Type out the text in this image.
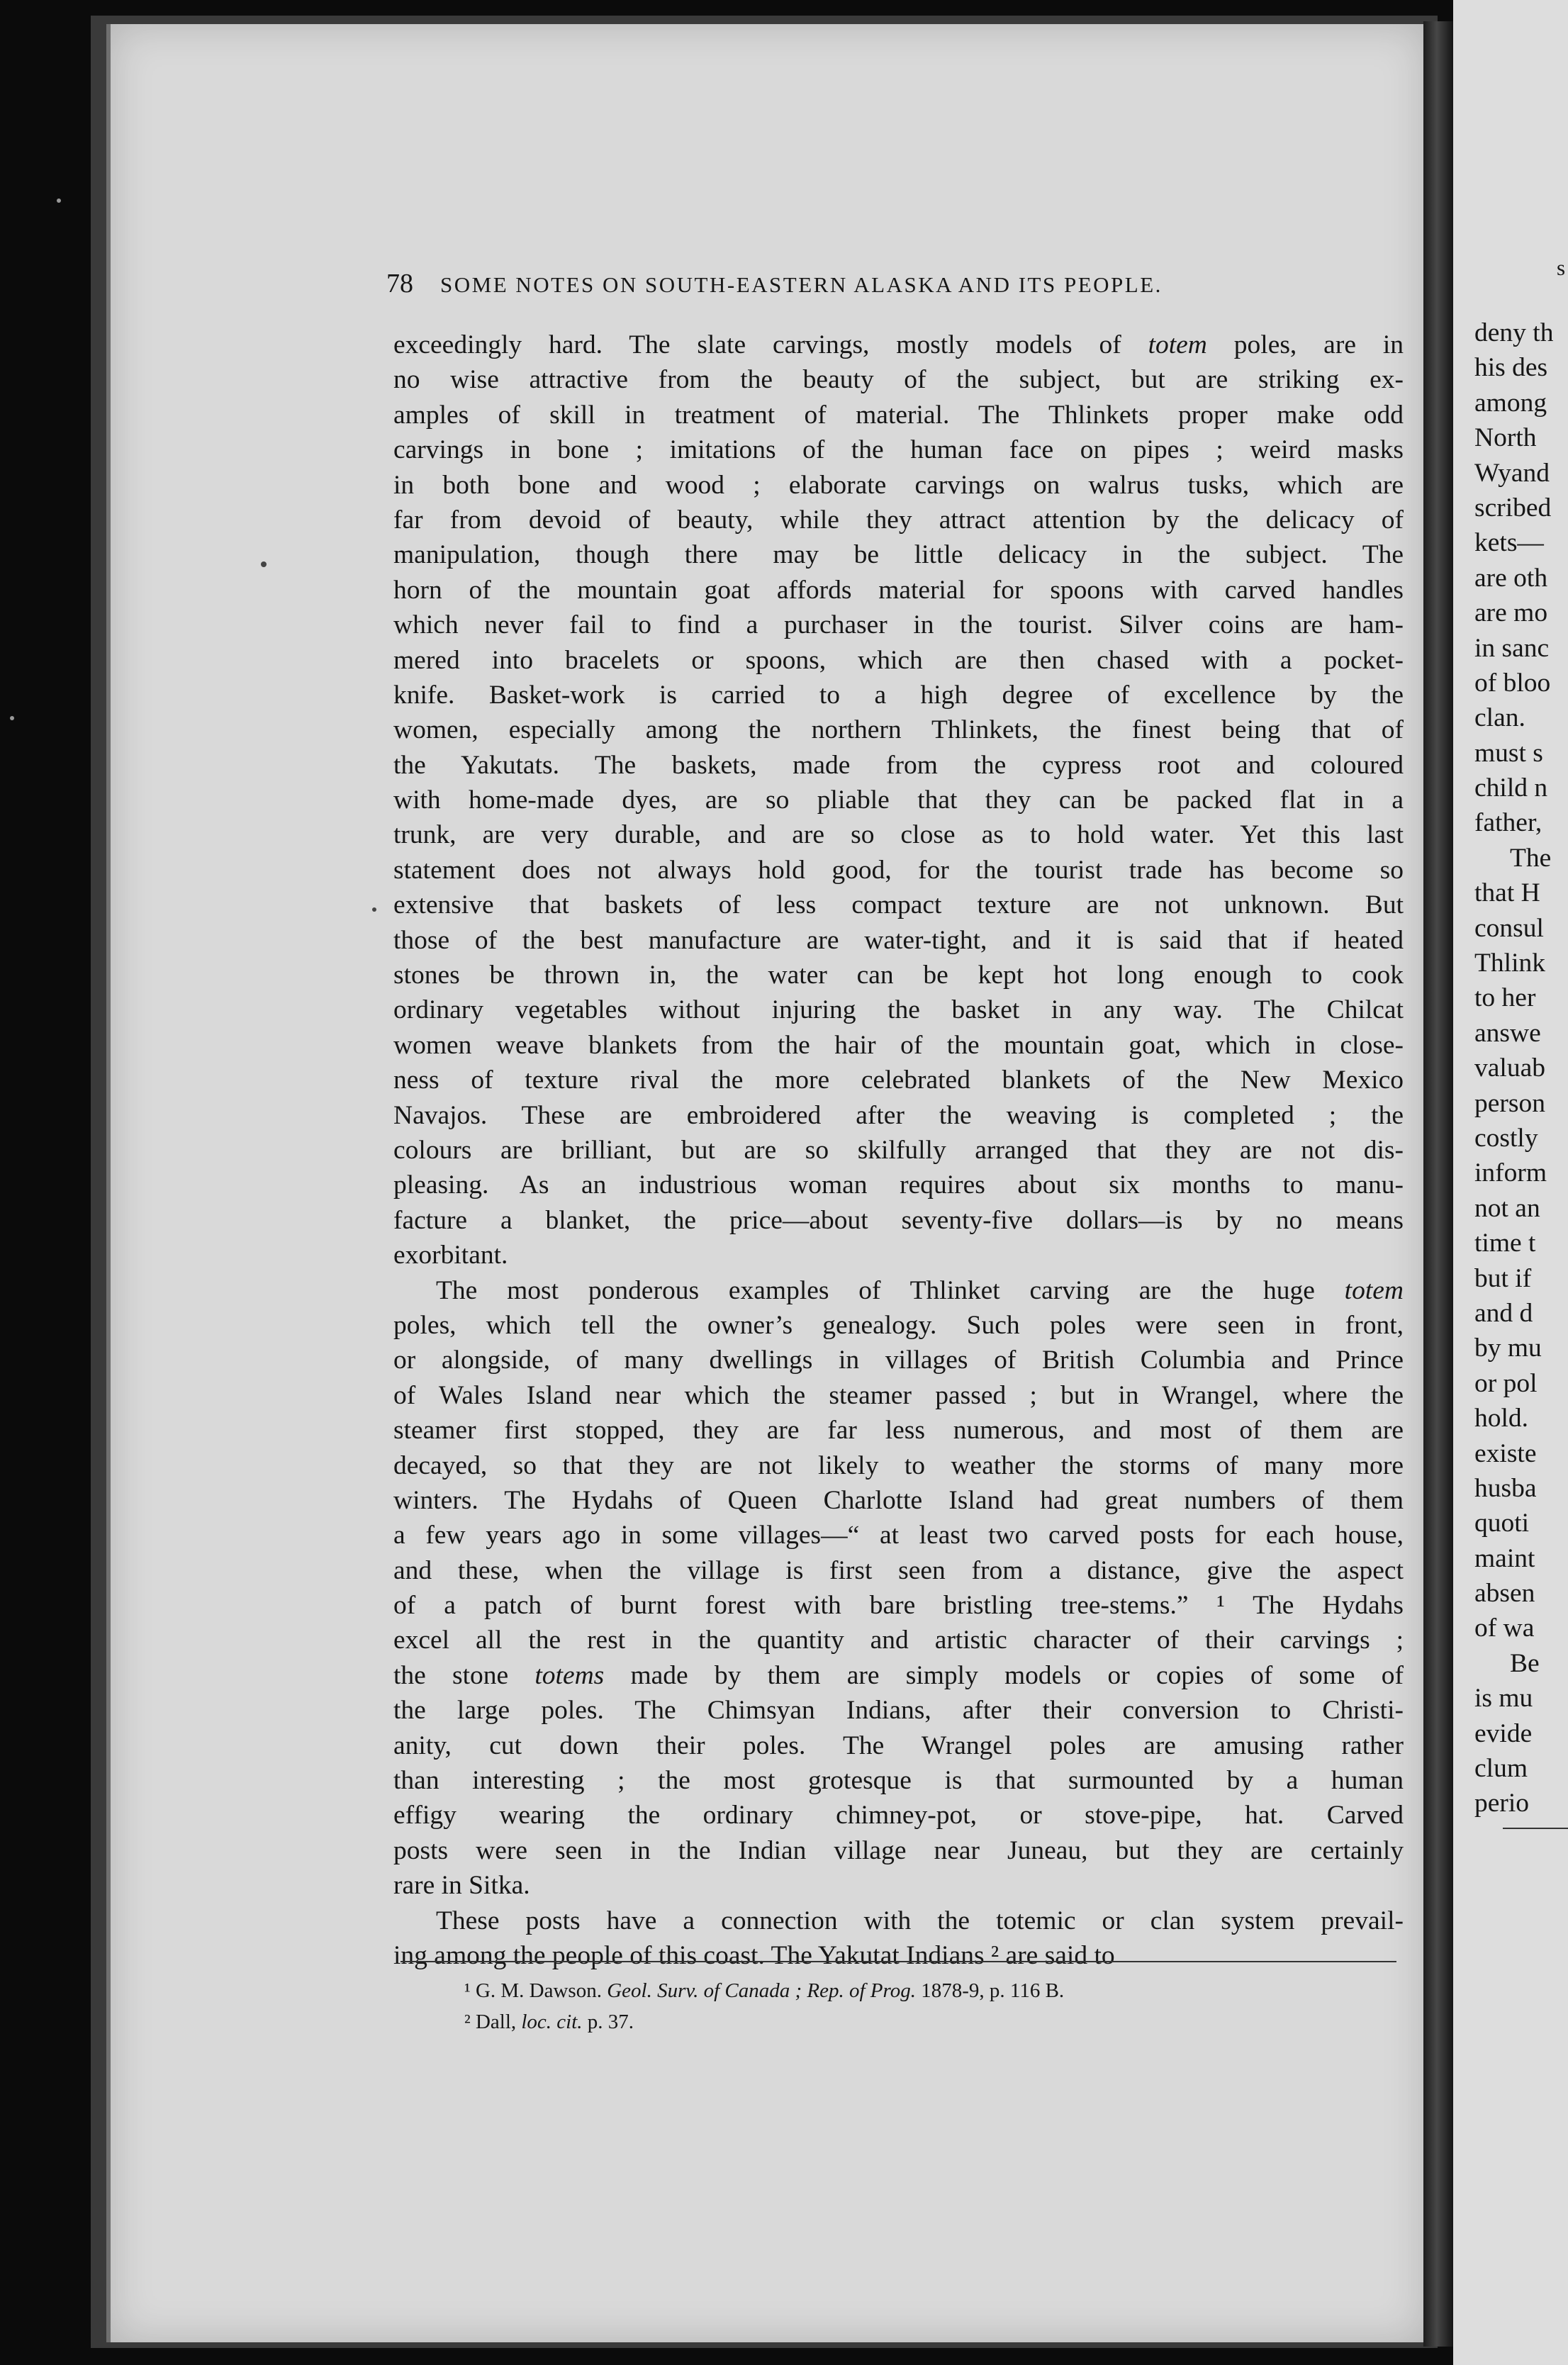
78 SOME NOTES ON SOUTH-EASTERN ALASKA AND ITS PEOPLE.
exceedingly hard. The slate carvings, mostly models of totem poles, are in
no wise attractive from the beauty of the subject, but are striking ex-
amples of skill in treatment of material. The Thlinkets proper make odd
carvings in bone ; imitations of the human face on pipes ; weird masks
in both bone and wood ; elaborate carvings on walrus tusks, which are
far from devoid of beauty, while they attract attention by the delicacy of
manipulation, though there may be little delicacy in the subject. The
horn of the mountain goat affords material for spoons with carved handles
which never fail to find a purchaser in the tourist. Silver coins are ham-
mered into bracelets or spoons, which are then chased with a pocket-
knife. Basket-work is carried to a high degree of excellence by the
women, especially among the northern Thlinkets, the finest being that of
the Yakutats. The baskets, made from the cypress root and coloured
with home-made dyes, are so pliable that they can be packed flat in a
trunk, are very durable, and are so close as to hold water. Yet this last
statement does not always hold good, for the tourist trade has become so
extensive that baskets of less compact texture are not unknown. But
those of the best manufacture are water-tight, and it is said that if heated
stones be thrown in, the water can be kept hot long enough to cook
ordinary vegetables without injuring the basket in any way. The Chilcat
women weave blankets from the hair of the mountain goat, which in close-
ness of texture rival the more celebrated blankets of the New Mexico
Navajos. These are embroidered after the weaving is completed ; the
colours are brilliant, but are so skilfully arranged that they are not dis-
pleasing. As an industrious woman requires about six months to manu-
facture a blanket, the price—about seventy-five dollars—is by no means
exorbitant.
The most ponderous examples of Thlinket carving are the huge totem
poles, which tell the owner’s genealogy. Such poles were seen in front,
or alongside, of many dwellings in villages of British Columbia and Prince
of Wales Island near which the steamer passed ; but in Wrangel, where the
steamer first stopped, they are far less numerous, and most of them are
decayed, so that they are not likely to weather the storms of many more
winters. The Hydahs of Queen Charlotte Island had great numbers of them
a few years ago in some villages—“ at least two carved posts for each house,
and these, when the village is first seen from a distance, give the aspect
of a patch of burnt forest with bare bristling tree-stems.” ¹ The Hydahs
excel all the rest in the quantity and artistic character of their carvings ;
the stone totems made by them are simply models or copies of some of
the large poles. The Chimsyan Indians, after their conversion to Christi-
anity, cut down their poles. The Wrangel poles are amusing rather
than interesting ; the most grotesque is that surmounted by a human
effigy wearing the ordinary chimney-pot, or stove-pipe, hat. Carved
posts were seen in the Indian village near Juneau, but they are certainly
rare in Sitka.
These posts have a connection with the totemic or clan system prevail-
ing among the people of this coast. The Yakutat Indians ² are said to
¹ G. M. Dawson. Geol. Surv. of Canada ; Rep. of Prog. 1878-9, p. 116 B.
² Dall, loc. cit. p. 37.
s
deny th
his des
among
North
Wyand
scribed
kets—
are oth
are mo
in sanc
of bloo
clan.
must s
child n
father,
The
that H
consul
Thlink
to her
answe
valuab
person
costly
inform
not an
time t
but if
and d
by mu
or pol
hold.
existe
husba
quoti
maint
absen
of wa
Be
is mu
evide
clum
perio
